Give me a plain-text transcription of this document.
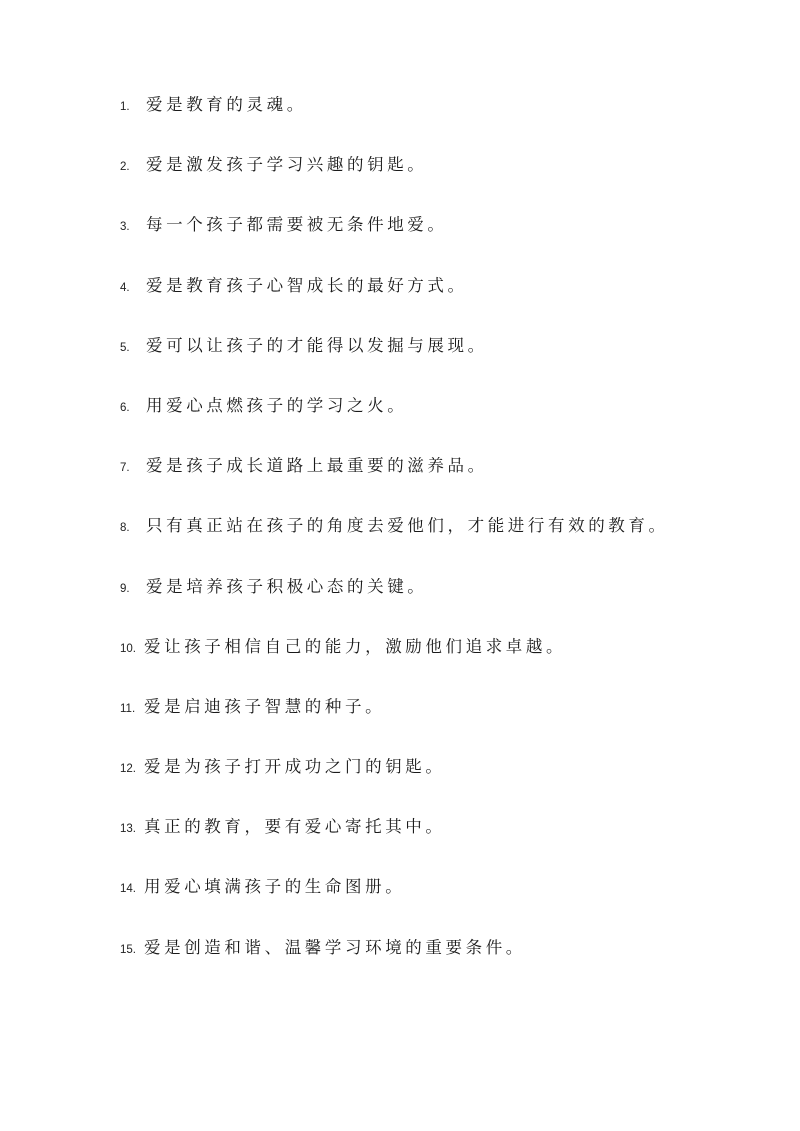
1. 爱是教育的灵魂。
2. 爱是激发孩子学习兴趣的钥匙。
3. 每一个孩子都需要被无条件地爱。
4. 爱是教育孩子心智成长的最好方式。
5. 爱可以让孩子的才能得以发掘与展现。
6. 用爱心点燃孩子的学习之火。
7. 爱是孩子成长道路上最重要的滋养品。
8. 只有真正站在孩子的角度去爱他们，才能进行有效的教育。
9. 爱是培养孩子积极心态的关键。
10. 爱让孩子相信自己的能力，激励他们追求卓越。
11. 爱是启迪孩子智慧的种子。
12. 爱是为孩子打开成功之门的钥匙。
13. 真正的教育，要有爱心寄托其中。
14. 用爱心填满孩子的生命图册。
15. 爱是创造和谐、温馨学习环境的重要条件。
